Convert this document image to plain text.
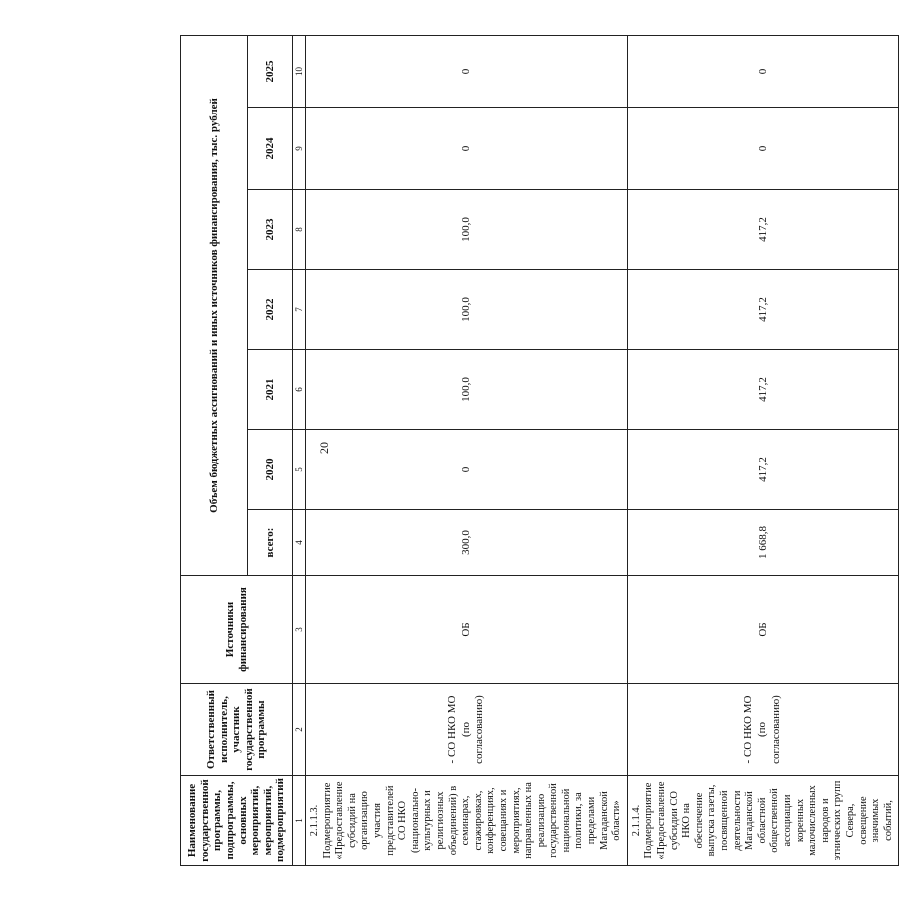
20
Наименование государственной программы, подпрограммы, основных мероприятий, мероприятий, подмероприятий	Ответственный исполнитель, участник государственной программы	Источники финансирования	Объем бюджетных ассигнований и иных источников финансирования, тыс. рублей						
			всего:	2020	2021	2022	2023	2024	2025
1	2	3	4	5	6	7	8	9	10
2.1.1.3. Подмероприятие «Предоставление субсидий на организацию участия представителей СО НКО (национально-культурных и религиозных объединений) в семинарах, стажировках, конференциях, совещаниях и мероприятиях, направленных на реализацию государственной национальной политики, за пределами Магаданской области»	- СО НКО МО (по согласованию)	ОБ	300,0	0	100,0	100,0	100,0	0	0
2.1.1.4. Подмероприятие «Предоставление субсидии СО НКО на обеспечение выпуска газеты, посвященной деятельности Магаданской областной общественной ассоциации коренных малочисленных народов и этнических групп Севера, освещение значимых событий,	- СО НКО МО (по согласованию)	ОБ	1 668,8	417,2	417,2	417,2	417,2	0	0
